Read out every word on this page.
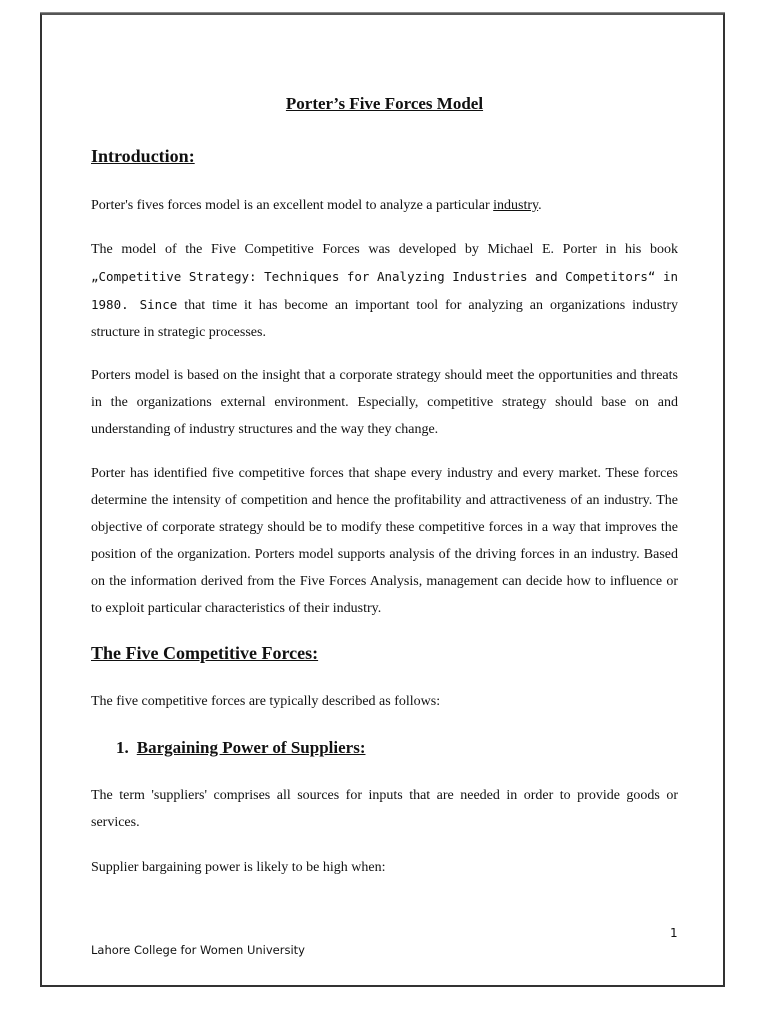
Porter’s Five Forces Model
Introduction:

Porter's fives forces model is an excellent model to analyze a particular industry.

The model of the Five Competitive Forces was developed by Michael E. Porter in his book „Competitive Strategy: Techniques for Analyzing Industries and Competitors“ in 1980. Since that time it has become an important tool for analyzing an organizations industry structure in strategic processes.

Porters model is based on the insight that a corporate strategy should meet the opportunities and threats in the organizations external environment. Especially, competitive strategy should base on and understanding of industry structures and the way they change.

Porter has identified five competitive forces that shape every industry and every market. These forces determine the intensity of competition and hence the profitability and attractiveness of an industry. The objective of corporate strategy should be to modify these competitive forces in a way that improves the position of the organization. Porters model supports analysis of the driving forces in an industry. Based on the information derived from the Five Forces Analysis, management can decide how to influence or to exploit particular characteristics of their industry.

The Five Competitive Forces:

The five competitive forces are typically described as follows:

1. Bargaining Power of Suppliers:

The term 'suppliers' comprises all sources for inputs that are needed in order to provide goods or services.

Supplier bargaining power is likely to be high when:

1

Lahore College for Women University
